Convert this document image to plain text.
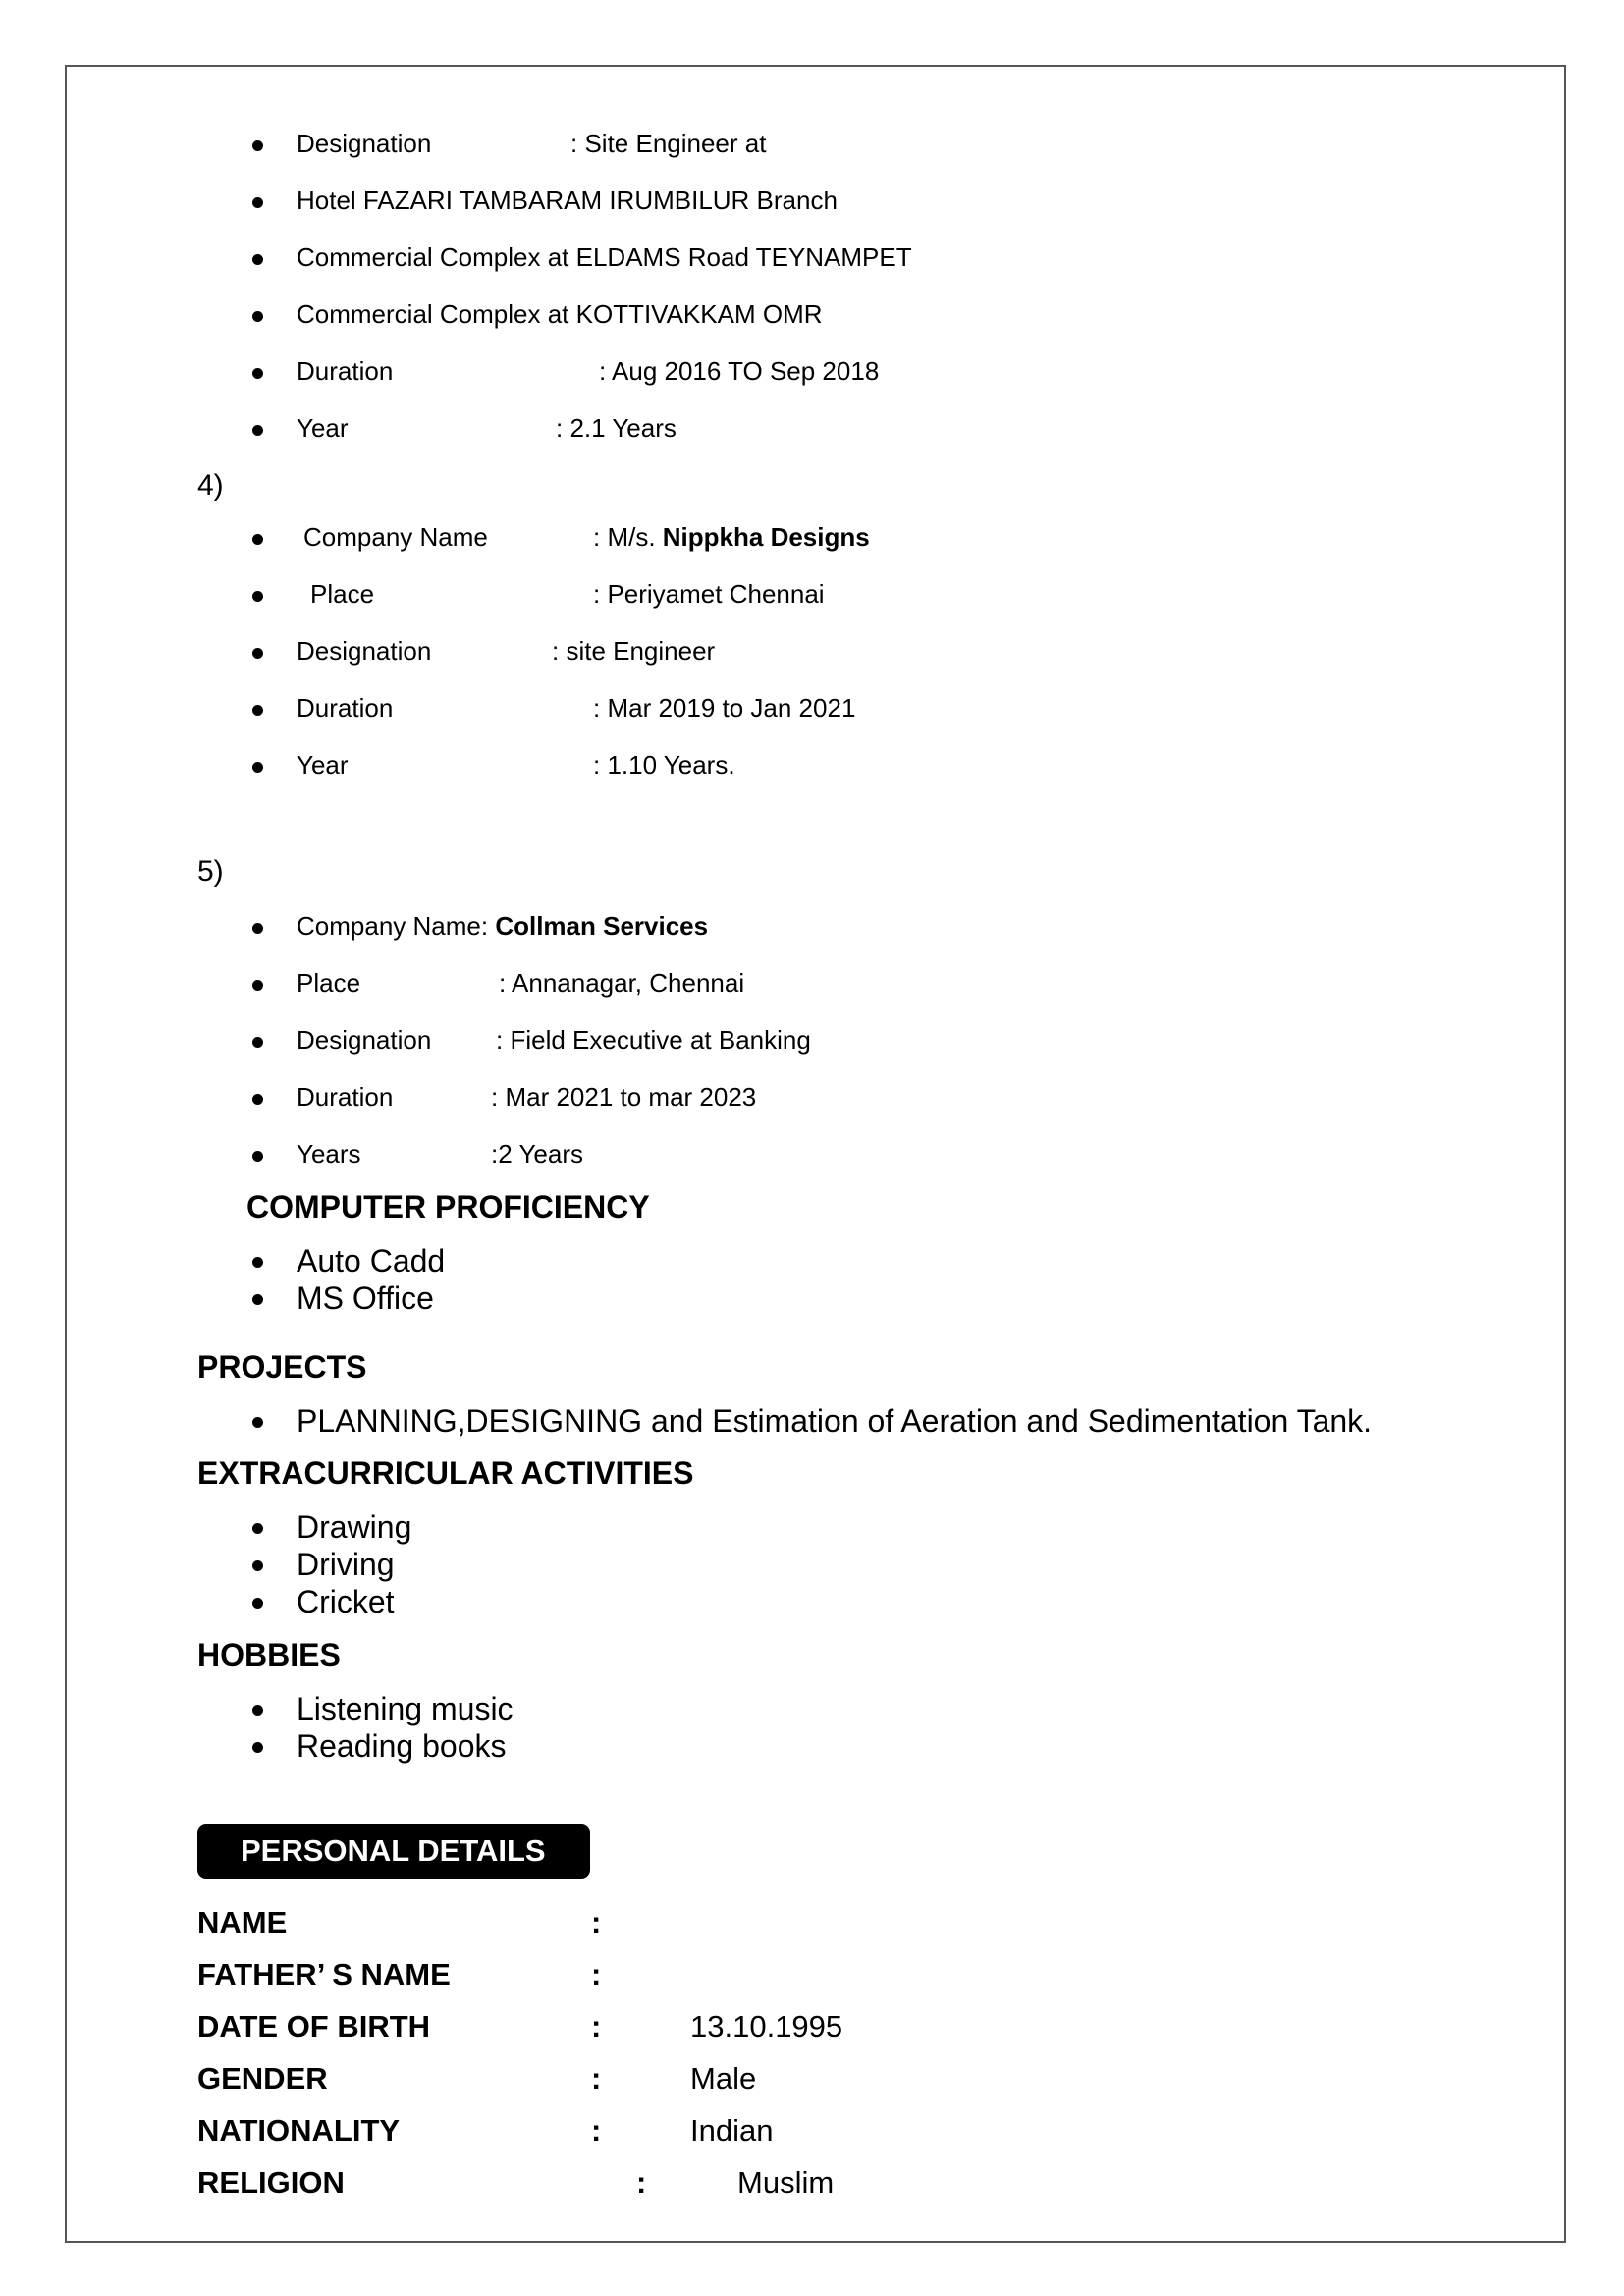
Designation	: Site Engineer at
Hotel FAZARI TAMBARAM IRUMBILUR Branch
Commercial Complex at ELDAMS Road TEYNAMPET
Commercial Complex at KOTTIVAKKAM OMR
Duration	: Aug 2016 TO Sep 2018
Year	: 2.1 Years
4)
Company Name	: M/s. Nippkha Designs
Place	: Periyamet Chennai
Designation	: site Engineer
Duration	: Mar 2019 to Jan 2021
Year	: 1.10 Years.
5)
Company Name: Collman Services
Place	: Annanagar, Chennai
Designation	: Field Executive at Banking
Duration	: Mar 2021 to mar 2023
Years	:2 Years
COMPUTER PROFICIENCY
Auto Cadd
MS Office
PROJECTS
PLANNING,DESIGNING and Estimation of Aeration and Sedimentation Tank.
EXTRACURRICULAR ACTIVITIES
Drawing
Driving
Cricket
HOBBIES
Listening music
Reading books
PERSONAL DETAILS
NAME	:
FATHER’ S NAME	:
DATE OF BIRTH	:	13.10.1995
GENDER	:	Male
NATIONALITY	:	Indian
RELIGION	:	Muslim
